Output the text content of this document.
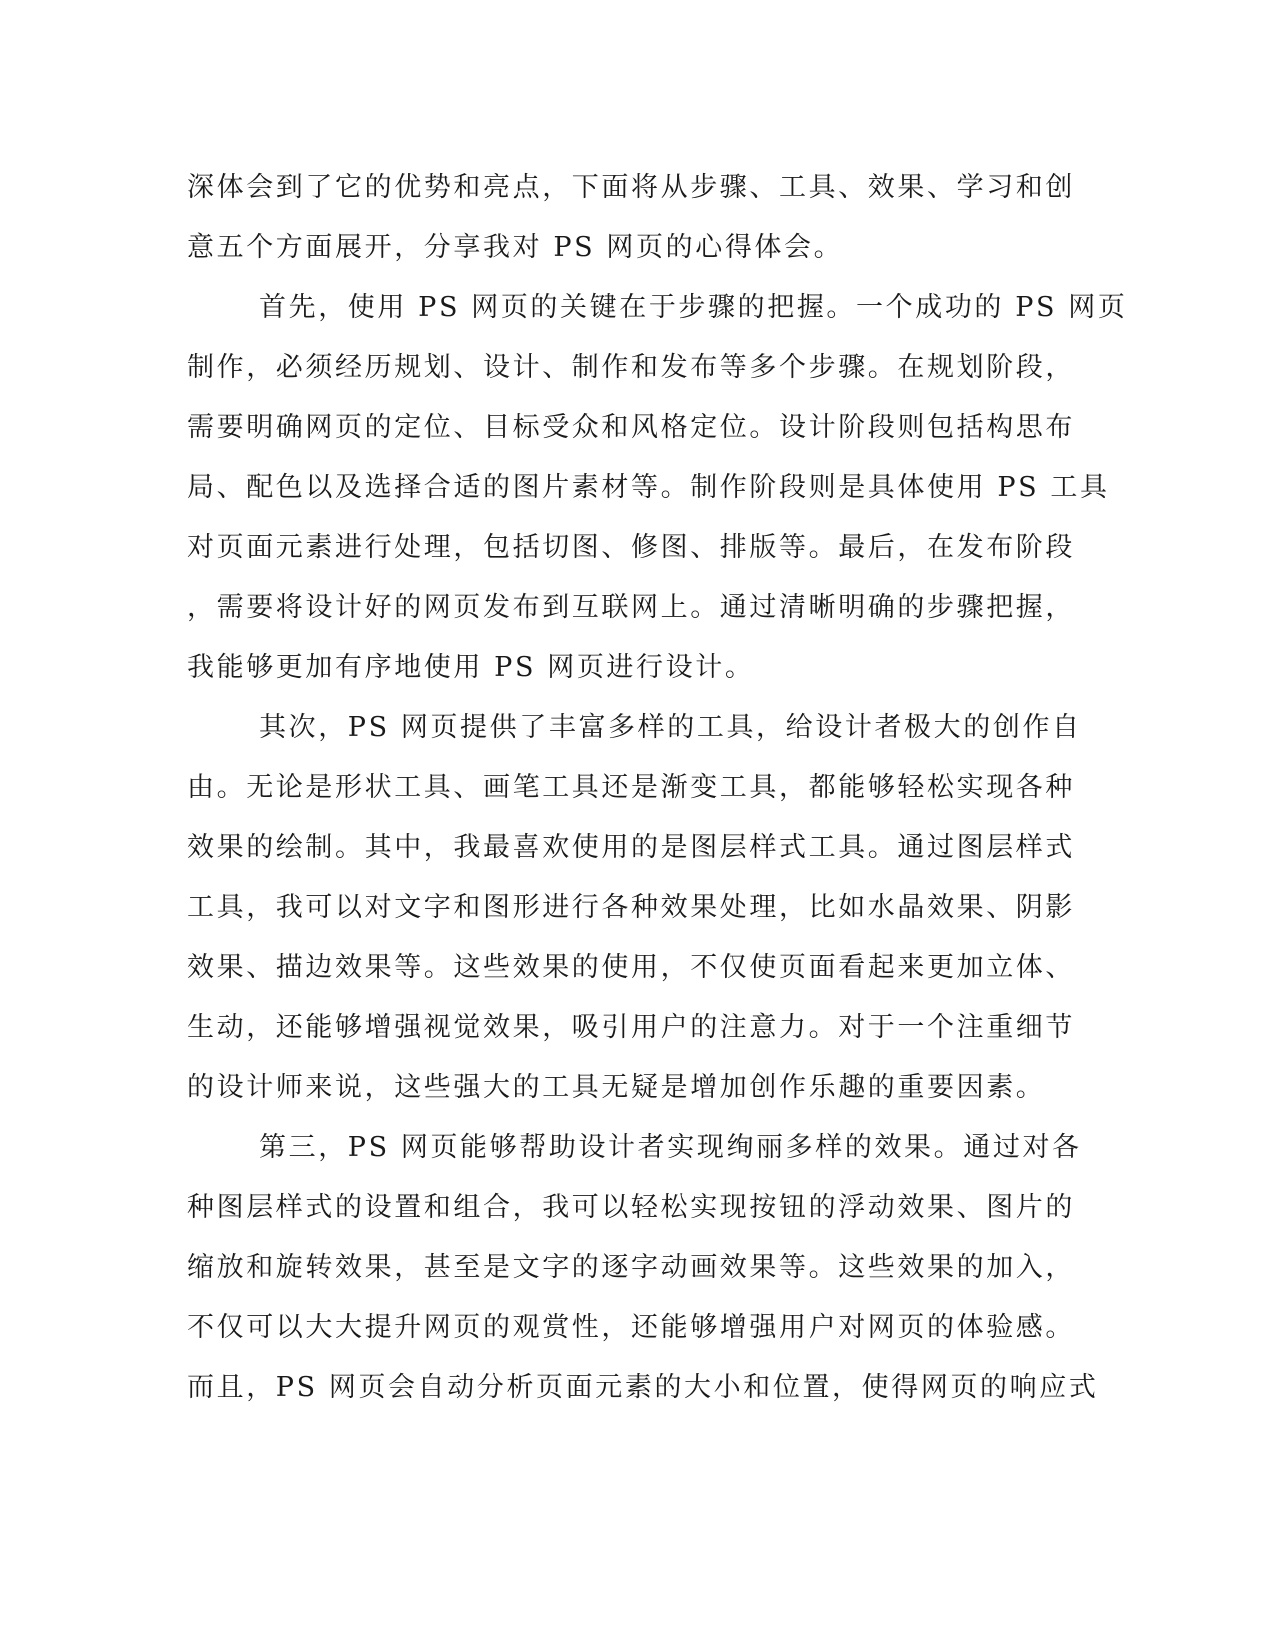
深体会到了它的优势和亮点，下面将从步骤、工具、效果、学习和创
意五个方面展开，分享我对 PS 网页的心得体会。
首先，使用 PS 网页的关键在于步骤的把握。一个成功的 PS 网页
制作，必须经历规划、设计、制作和发布等多个步骤。在规划阶段，
需要明确网页的定位、目标受众和风格定位。设计阶段则包括构思布
局、配色以及选择合适的图片素材等。制作阶段则是具体使用 PS 工具
对页面元素进行处理，包括切图、修图、排版等。最后，在发布阶段
，需要将设计好的网页发布到互联网上。通过清晰明确的步骤把握，
我能够更加有序地使用 PS 网页进行设计。
其次，PS 网页提供了丰富多样的工具，给设计者极大的创作自
由。无论是形状工具、画笔工具还是渐变工具，都能够轻松实现各种
效果的绘制。其中，我最喜欢使用的是图层样式工具。通过图层样式
工具，我可以对文字和图形进行各种效果处理，比如水晶效果、阴影
效果、描边效果等。这些效果的使用，不仅使页面看起来更加立体、
生动，还能够增强视觉效果，吸引用户的注意力。对于一个注重细节
的设计师来说，这些强大的工具无疑是增加创作乐趣的重要因素。
第三，PS 网页能够帮助设计者实现绚丽多样的效果。通过对各
种图层样式的设置和组合，我可以轻松实现按钮的浮动效果、图片的
缩放和旋转效果，甚至是文字的逐字动画效果等。这些效果的加入，
不仅可以大大提升网页的观赏性，还能够增强用户对网页的体验感。
而且，PS 网页会自动分析页面元素的大小和位置，使得网页的响应式
